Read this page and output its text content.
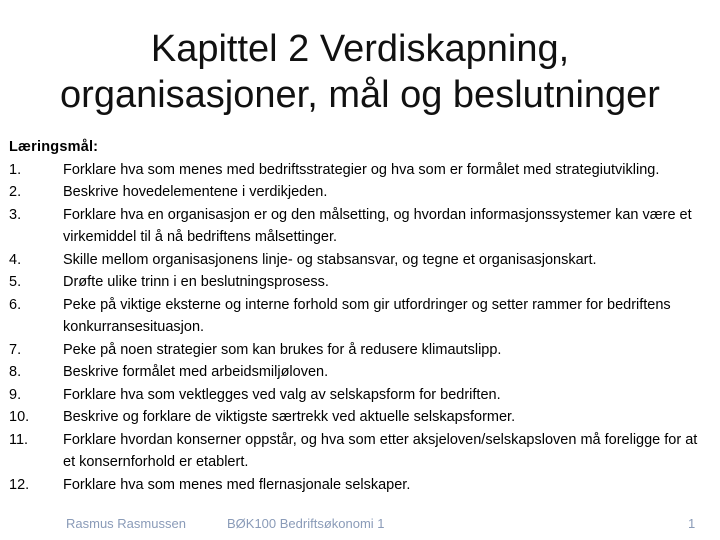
Kapittel 2 Verdiskapning,
organisasjoner, mål og beslutninger
Læringsmål:
1.	Forklare hva som menes med bedriftsstrategier og hva som er formålet med strategiutvikling.
2.	Beskrive hovedelementene i verdikjeden.
3.	Forklare hva en organisasjon er og den målsetting, og hvordan informasjonssystemer kan være et virkemiddel til å nå bedriftens målsettinger.
4.	Skille mellom organisasjonens linje- og stabsansvar, og tegne et organisasjonskart.
5.	Drøfte ulike trinn i en beslutningsprosess.
6.	Peke på viktige eksterne og interne forhold som gir utfordringer og setter rammer for bedriftens konkurransesituasjon.
7.	Peke på noen strategier som kan brukes for å redusere klimautslipp.
8.	Beskrive formålet med arbeidsmiljøloven.
9.	Forklare hva som vektlegges ved valg av selskapsform for bedriften.
10.	Beskrive og forklare de viktigste særtrekk ved aktuelle selskapsformer.
11.	Forklare hvordan konserner oppstår, og hva som etter aksjeloven/selskapsloven må foreligge for at et konsernforhold er etablert.
12.	Forklare hva som menes med flernasjonale selskaper.
Rasmus Rasmussen	BØK100 Bedriftsøkonomi 1	1
